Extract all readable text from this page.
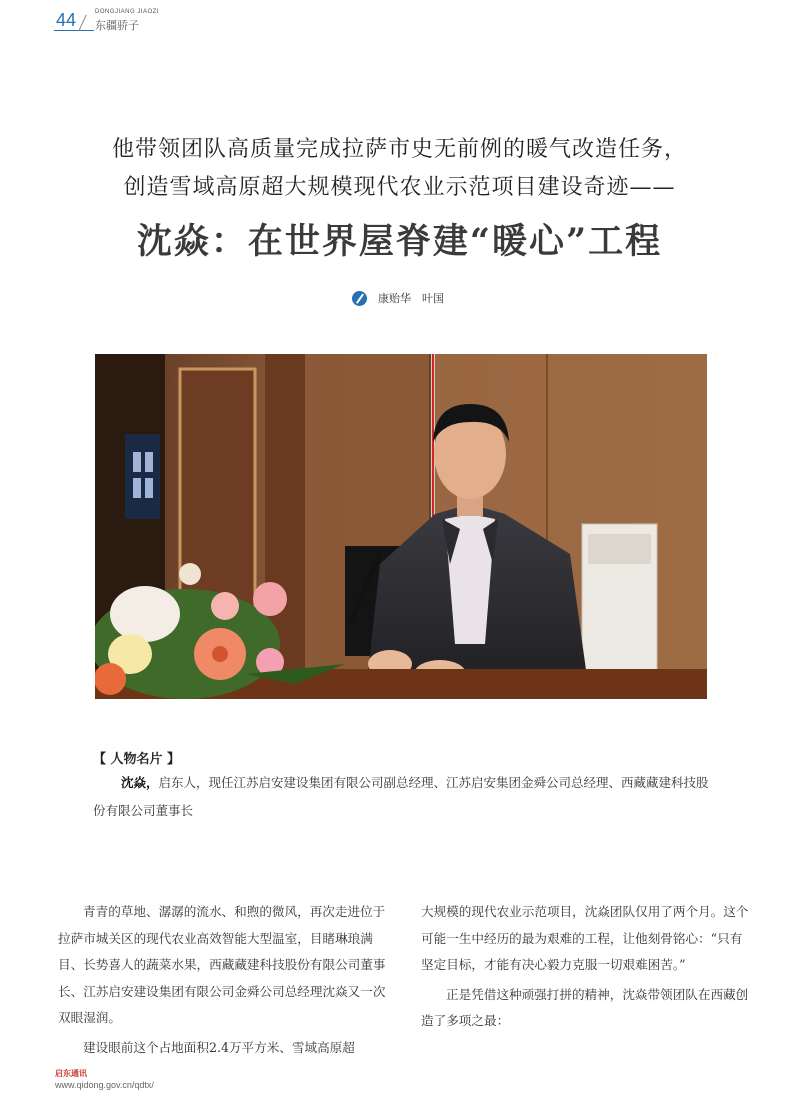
44	DONGJIANG JIAOZI
东疆骄子
他带领团队高质量完成拉萨市史无前例的暖气改造任务，
创造雪域高原超大规模现代农业示范项目建设奇迹——
沈焱：在世界屋脊建“暖心”工程
康贻华　叶国
【 人物名片 】
沈焱，启东人，现任江苏启安建设集团有限公司副总经理、江苏启安集团金舜公司总经理、西藏藏建科技股份有限公司董事长

青青的草地、潺潺的流水、和煦的微风，再次走进位于拉萨市城关区的现代农业高效智能大型温室，目睹琳琅满目、长势喜人的蔬菜水果，西藏藏建科技股份有限公司董事长、江苏启安建设集团有限公司金舜公司总经理沈焱又一次双眼湿润。

建设眼前这个占地面积2.4万平方米、雪域高原超

大规模的现代农业示范项目，沈焱团队仅用了两个月。这个可能一生中经历的最为艰难的工程，让他刻骨铭心：“只有坚定目标，才能有决心毅力克服一切艰难困苦。”

正是凭借这种顽强打拼的精神，沈焱带领团队在西藏创造了多项之最：

启东通讯
www.qidong.gov.cn/qdtx/
